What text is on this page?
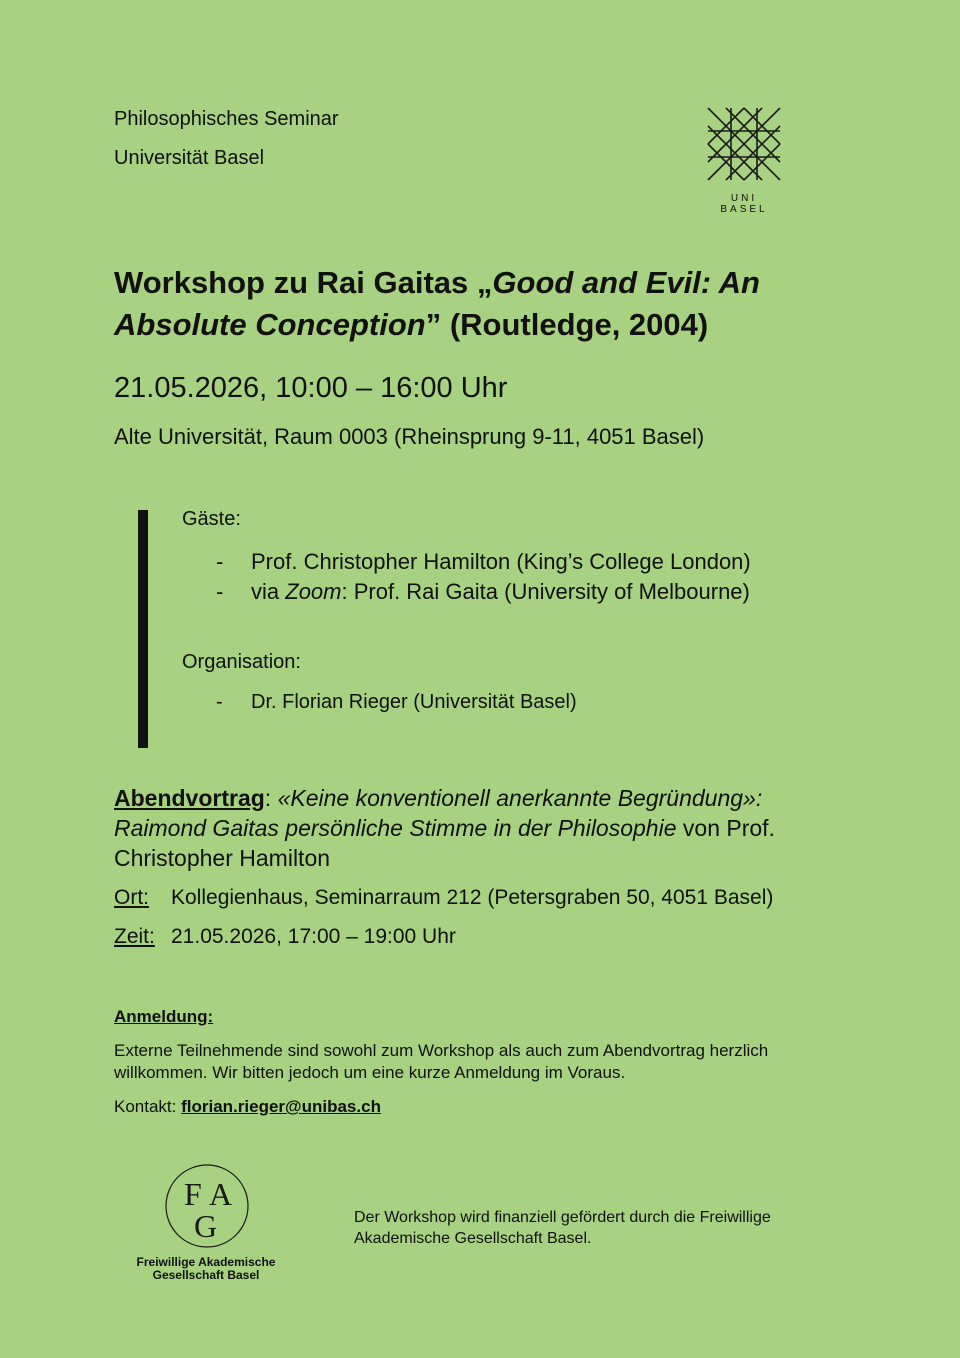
Philosophisches Seminar
Universität Basel
UNI
BASEL
Workshop zu Rai Gaitas „Good and Evil: An Absolute Conception” (Routledge, 2004)
21.05.2026, 10:00 – 16:00 Uhr
Alte Universität, Raum 0003 (Rheinsprung 9-11, 4051 Basel)
Gäste:
- Prof. Christopher Hamilton (King’s College London)
- via Zoom: Prof. Rai Gaita (University of Melbourne)
Organisation:
- Dr. Florian Rieger (Universität Basel)
Abendvortrag: «Keine konventionell anerkannte Begründung»: Raimond Gaitas persönliche Stimme in der Philosophie von Prof. Christopher Hamilton
Ort: Kollegienhaus, Seminarraum 212 (Petersgraben 50, 4051 Basel)
Zeit: 21.05.2026, 17:00 – 19:00 Uhr
Anmeldung:
Externe Teilnehmende sind sowohl zum Workshop als auch zum Abendvortrag herzlich willkommen. Wir bitten jedoch um eine kurze Anmeldung im Voraus.
Kontakt: florian.rieger@unibas.ch
F A
G
Freiwillige Akademische
Gesellschaft Basel
Der Workshop wird finanziell gefördert durch die Freiwillige Akademische Gesellschaft Basel.
